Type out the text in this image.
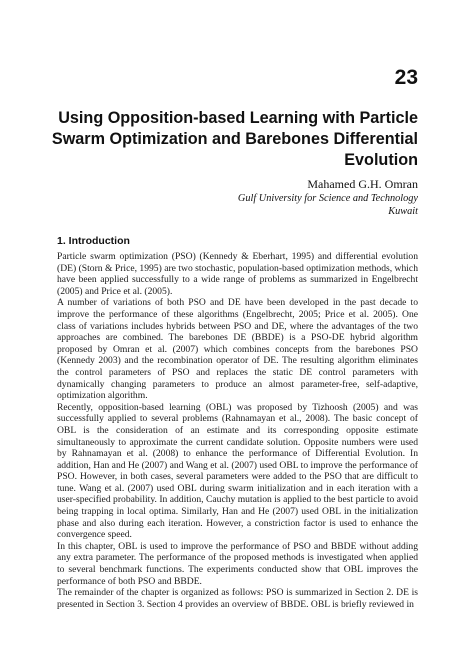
23
Using Opposition-based Learning with Particle
Swarm Optimization and Barebones Differential
Evolution
Mahamed G.H. Omran
Gulf University for Science and Technology
Kuwait
1. Introduction

Particle swarm optimization (PSO) (Kennedy & Eberhart, 1995) and differential evolution (DE) (Storn & Price, 1995) are two stochastic, population-based optimization methods, which have been applied successfully to a wide range of problems as summarized in Engelbrecht (2005) and Price et al. (2005).

A number of variations of both PSO and DE have been developed in the past decade to improve the performance of these algorithms (Engelbrecht, 2005; Price et al. 2005). One class of variations includes hybrids between PSO and DE, where the advantages of the two approaches are combined. The barebones DE (BBDE) is a PSO-DE hybrid algorithm proposed by Omran et al. (2007) which combines concepts from the barebones PSO (Kennedy 2003) and the recombination operator of DE. The resulting algorithm eliminates the control parameters of PSO and replaces the static DE control parameters with dynamically changing parameters to produce an almost parameter-free, self-adaptive, optimization algorithm.

Recently, opposition-based learning (OBL) was proposed by Tizhoosh (2005) and was successfully applied to several problems (Rahnamayan et al., 2008). The basic concept of OBL is the consideration of an estimate and its corresponding opposite estimate simultaneously to approximate the current candidate solution. Opposite numbers were used by Rahnamayan et al. (2008) to enhance the performance of Differential Evolution. In addition, Han and He (2007) and Wang et al. (2007) used OBL to improve the performance of PSO. However, in both cases, several parameters were added to the PSO that are difficult to tune. Wang et al. (2007) used OBL during swarm initialization and in each iteration with a user-specified probability. In addition, Cauchy mutation is applied to the best particle to avoid being trapping in local optima. Similarly, Han and He (2007) used OBL in the initialization phase and also during each iteration. However, a constriction factor is used to enhance the convergence speed.

In this chapter, OBL is used to improve the performance of PSO and BBDE without adding any extra parameter. The performance of the proposed methods is investigated when applied to several benchmark functions. The experiments conducted show that OBL improves the performance of both PSO and BBDE.

The remainder of the chapter is organized as follows: PSO is summarized in Section 2. DE is presented in Section 3. Section 4 provides an overview of BBDE. OBL is briefly reviewed in
